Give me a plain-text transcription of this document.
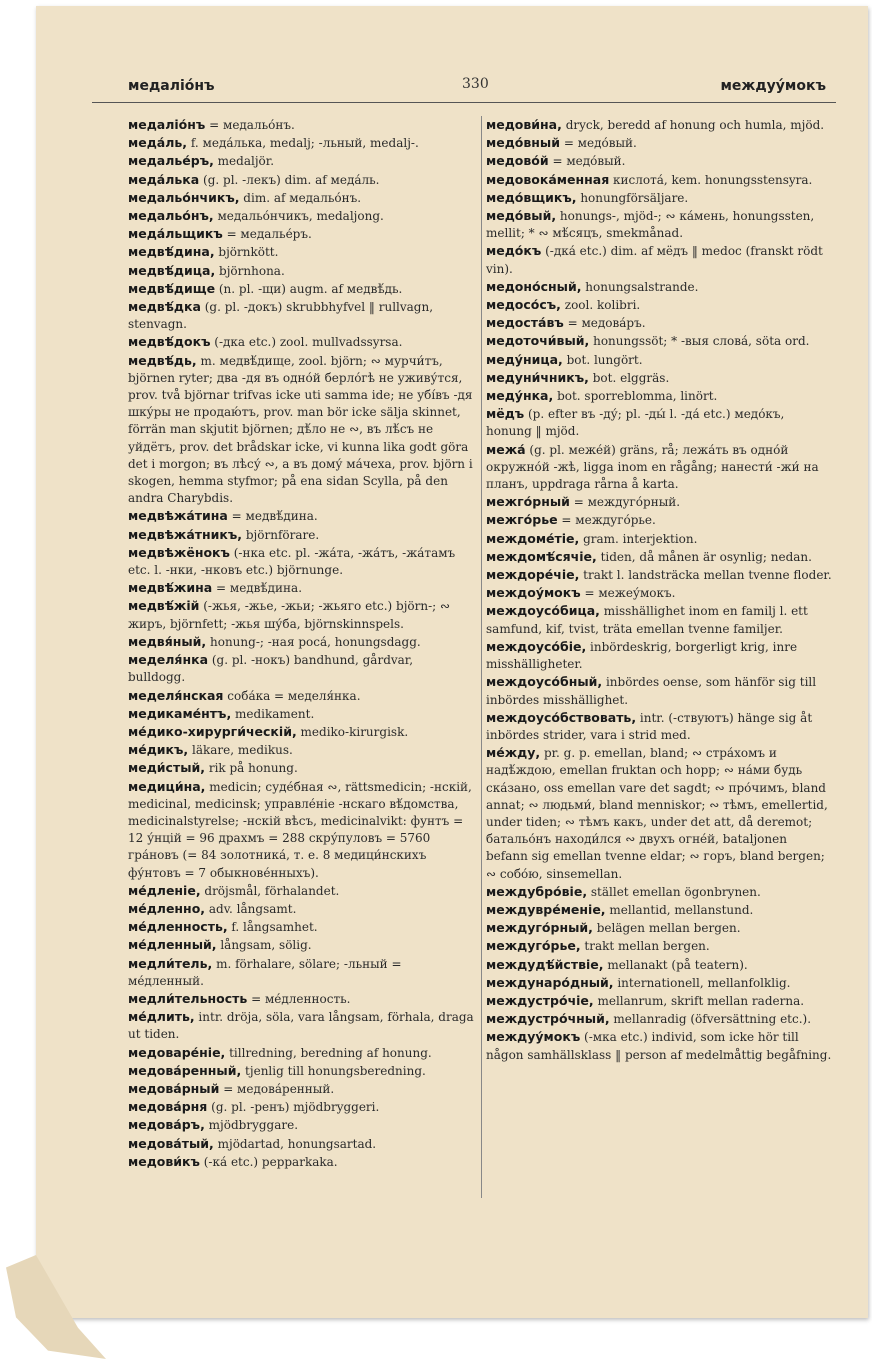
медаліо́нъ	330	междуу́мокъ

медаліо́нъ = медальо́нъ.

меда́ль, f. меда́лька, medalj; -льный, medalj-.

медалье́ръ, medaljör.

меда́лька (g. pl. -лекъ) dim. af меда́ль.

медальо́нчикъ, dim. af медальо́нъ.

медальо́нъ, медальо́нчикъ, medaljong.

меда́льщикъ = медалье́ръ.

медвѣ́дина, björnkött.

медвѣ́дица, björnhona.

медвѣ́дище (n. pl. -щи) augm. af медвѣ́дь.

медвѣ́дка (g. pl. -докъ) skrubbhyfvel ‖ rullvagn, stenvagn.

медвѣ́докъ (-дка etc.) zool. mullvadssyrsa.

медвѣ́дь, m. медвѣ́дище, zool. björn; ∾ мурчи́тъ, björnen ryter; два -дя въ одно́й берло́гѣ не уживу́тся, prov. två björnar trifvas icke uti samma ide; не убі́въ -дя шку́ры не продаю́тъ, prov. man bör icke sälja skinnet, förrän man skjutit björnen; дѣ́ло не ∾, въ лѣ́съ не уйдётъ, prov. det brådskar icke, vi kunna lika godt göra det i morgon; въ лѣсу́ ∾, а въ дому́ ма́чеха, prov. björn i skogen, hemma styfmor; på ena sidan Scylla, på den andra Charybdis.

медвѣжа́тина = медвѣ́дина.

медвѣжа́тникъ, björnförare.

медвѣжёнокъ (-нка etc. pl. -жа́та, -жа́тъ, -жа́тамъ etc. l. -нки, -нковъ etc.) björnunge.

медвѣ́жина = медвѣ́дина.

медвѣ́жій (-жья, -жье, -жьи; -жьяго etc.) björn-; ∾ жиръ, björnfett; -жья шу́ба, björnskinnspels.

медвя́ный, honung-; -ная роса́, honungsdagg.

меделя́нка (g. pl. -нокъ) bandhund, gårdvar, bulldogg.

меделя́нская соба́ка = меделя́нка.

медикаме́нтъ, medikament.

ме́дико-хирурги́ческій, mediko-kirurgisk.

ме́дикъ, läkare, medikus.

меди́стый, rik på honung.

медици́на, medicin; суде́бная ∾, rättsmedicin; -нскій, medicinal, medicinsk; управле́ніе -нскаго вѣ́домства, medicinalstyrelse; -нскій вѣсъ, medicinalvikt: фунтъ = 12 у́нцій = 96 драхмъ = 288 скру́пуловъ = 5760 гра́новъ (= 84 золотника́, т. е. 8 медици́нскихъ фу́нтовъ = 7 обыкнове́нныхъ).

ме́дленіе, dröjsmål, förhalandet.

ме́дленно, adv. långsamt.

ме́дленность, f. långsamhet.

ме́дленный, långsam, sölig.

медли́тель, m. förhalare, sölare; -льный = ме́дленный.

медли́тельность = ме́дленность.

ме́длить, intr. dröja, söla, vara långsam, förhala, draga ut tiden.

медоваре́ніе, tillredning, beredning af honung.

медова́ренный, tjenlig till honungsberedning.

медова́рный = медова́ренный.

медова́рня (g. pl. -ренъ) mjödbryggeri.

медова́ръ, mjödbryggare.

медова́тый, mjödartad, honungsartad.

медови́къ (-ка́ etc.) pepparkaka.

медови́на, dryck, beredd af honung och humla, mjöd.

медо́вный = медо́вый.

медово́й = медо́вый.

медовока́менная кислота́, kem. honungsstensyra.

медо́вщикъ, honungförsäljare.

медо́вый, honungs-, mjöd-; ∾ ка́мень, honungssten, mellit; * ∾ мѣ́сяцъ, smekmånad.

медо́къ (-дка́ etc.) dim. af мёдъ ‖ medoc (franskt rödt vin).

медоно́сный, honungsalstrande.

медосо́съ, zool. kolibri.

медоста́въ = медова́ръ.

медоточи́вый, honungssöt; * -выя слова́, söta ord.

меду́ница, bot. lungört.

медуни́чникъ, bot. elggräs.

меду́нка, bot. sporreblomma, linört.

мёдъ (p. efter въ -ду́; pl. -ды́ l. -да́ etc.) медо́къ, honung ‖ mjöd.

межа́ (g. pl. меже́й) gräns, rå; лежа́ть въ одно́й окружно́й -жѣ, ligga inom en rågång; нанести́ -жи́ на планъ, uppdraga rårna å karta.

межго́рный = междуго́рный.

межго́рье = междуго́рье.

междоме́тіе, gram. interjektion.

междомѣ́сячіе, tiden, då månen är osynlig; nedan.

междоре́чіе, trakt l. landsträcka mellan tvenne floder.

междоу́мокъ = межеу́мокъ.

междоусо́бица, misshällighet inom en familj l. ett samfund, kif, tvist, träta emellan tvenne familjer.

междоусо́біе, inbördeskrig, borgerligt krig, inre misshälligheter.

междоусо́бный, inbördes oense, som hänför sig till inbördes misshällighet.

междоусо́бствовать, intr. (-ствуютъ) hänge sig åt inbördes strider, vara i strid med.

ме́жду, pr. g. p. emellan, bland; ∾ стра́хомъ и надѣ́ждою, emellan fruktan och hopp; ∾ на́ми будь ска́зано, oss emellan vare det sagdt; ∾ про́чимъ, bland annat; ∾ людьми́, bland menniskor; ∾ тѣмъ, emellertid, under tiden; ∾ тѣмъ какъ, under det att, då deremot; батальо́нъ находи́лся ∾ двухъ огне́й, bataljonen befann sig emellan tvenne eldar; ∾ горъ, bland bergen; ∾ собо́ю, sinsemellan.

междубро́віе, stället emellan ögonbrynen.

междувре́меніе, mellantid, mellanstund.

междуго́рный, belägen mellan bergen.

междуго́рье, trakt mellan bergen.

междудѣ́йствіе, mellanakt (på teatern).

междунаро́дный, internationell, mellanfolklig.

междустро́чіе, mellanrum, skrift mellan raderna.

междустро́чный, mellanradig (öfversättning etc.).

междуу́мокъ (-мка etc.) individ, som icke hör till någon samhällsklass ‖ person af medelmåttig begåfning.
